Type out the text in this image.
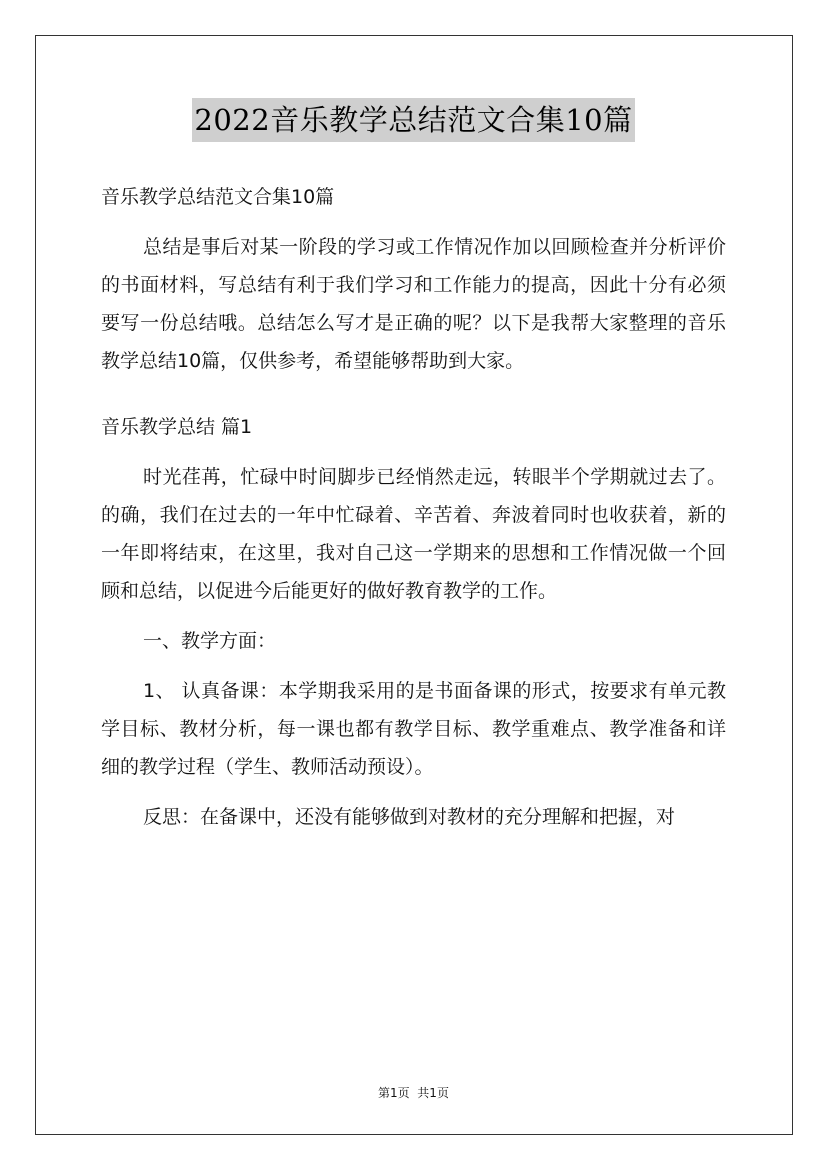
2022音乐教学总结范文合集10篇
音乐教学总结范文合集10篇

总结是事后对某一阶段的学习或工作情况作加以回顾检查并分析评价的书面材料，写总结有利于我们学习和工作能力的提高，因此十分有必须要写一份总结哦。总结怎么写才是正确的呢？以下是我帮大家整理的音乐教学总结10篇，仅供参考，希望能够帮助到大家。

音乐教学总结 篇1

时光荏苒，忙碌中时间脚步已经悄然走远，转眼半个学期就过去了。的确，我们在过去的一年中忙碌着、辛苦着、奔波着同时也收获着，新的一年即将结束，在这里，我对自己这一学期来的思想和工作情况做一个回顾和总结，以促进今后能更好的做好教育教学的工作。

一、教学方面：

1、 认真备课：本学期我采用的是书面备课的形式，按要求有单元教学目标、教材分析，每一课也都有教学目标、教学重难点、教学准备和详细的教学过程（学生、教师活动预设）。

反思：在备课中，还没有能够做到对教材的充分理解和把握，对

第1页  共1页
